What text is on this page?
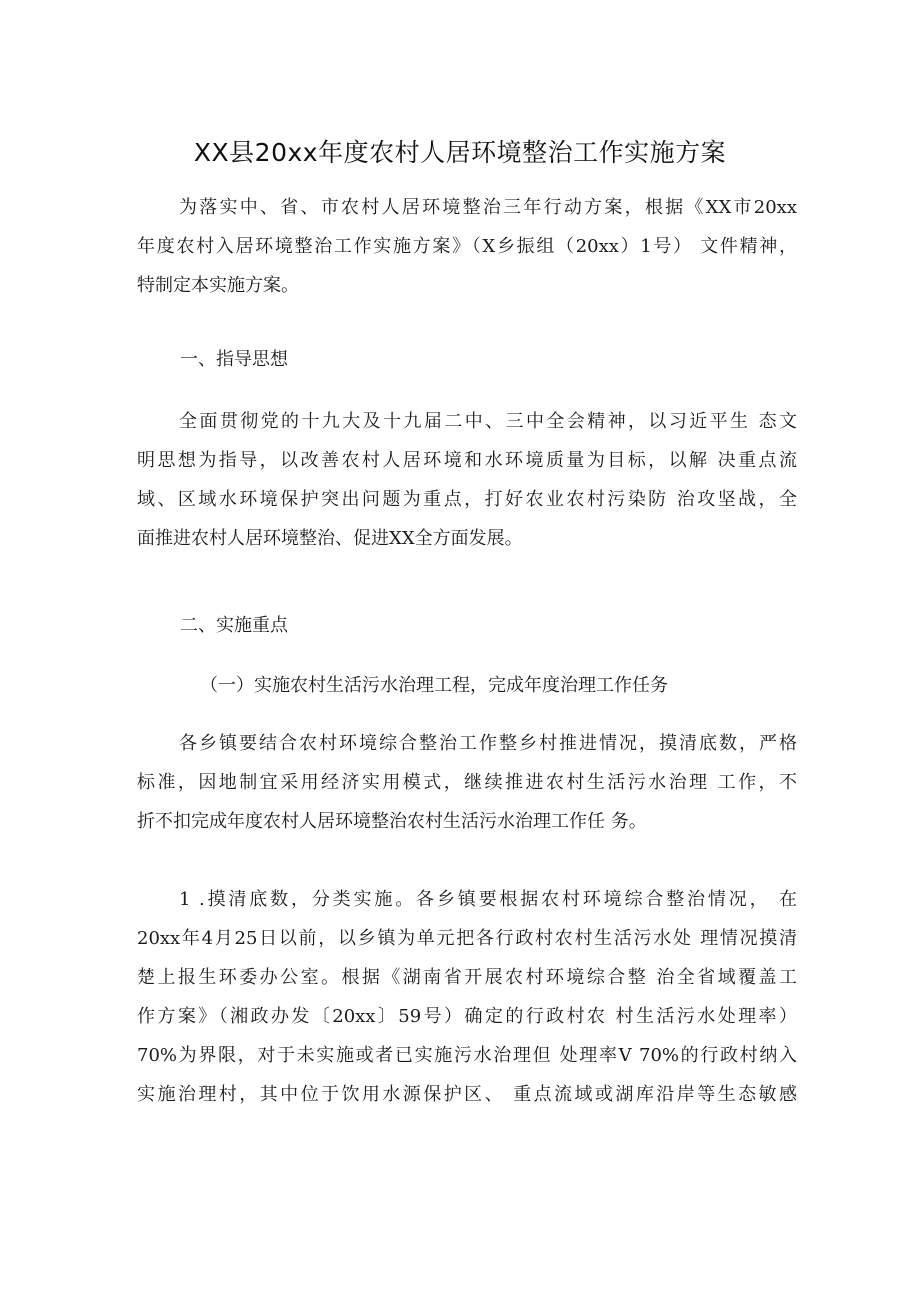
XX县20xx年度农村人居环境整治工作实施方案
为落实中、省、市农村人居环境整治三年行动方案，根据《XX市20xx
年度农村入居环境整治工作实施方案》（X乡振组（20xx）1号） 文件精神，
特制定本实施方案。
一、指导思想
全面贯彻党的十九大及十九届二中、三中全会精神，以习近平生 态文
明思想为指导，以改善农村人居环境和水环境质量为目标，以解 决重点流
域、区域水环境保护突出问题为重点，打好农业农村污染防 治攻坚战，全
面推进农村人居环境整治、促进XX全方面发展。
二、实施重点
（一）实施农村生活污水治理工程，完成年度治理工作任务
各乡镇要结合农村环境综合整治工作整乡村推进情况，摸清底数，严格
标准，因地制宜采用经济实用模式，继续推进农村生活污水治理 工作，不
折不扣完成年度农村人居环境整治农村生活污水治理工作任 务。
1 .摸清底数，分类实施。各乡镇要根据农村环境综合整治情况， 在
20xx年4月25日以前，以乡镇为单元把各行政村农村生活污水处 理情况摸清
楚上报生环委办公室。根据《湖南省开展农村环境综合整 治全省域覆盖工
作方案》（湘政办发〔20xx〕59号）确定的行政村农 村生活污水处理率）
70%为界限，对于未实施或者已实施污水治理但 处理率V 70%的行政村纳入
实施治理村，其中位于饮用水源保护区、 重点流域或湖库沿岸等生态敏感
